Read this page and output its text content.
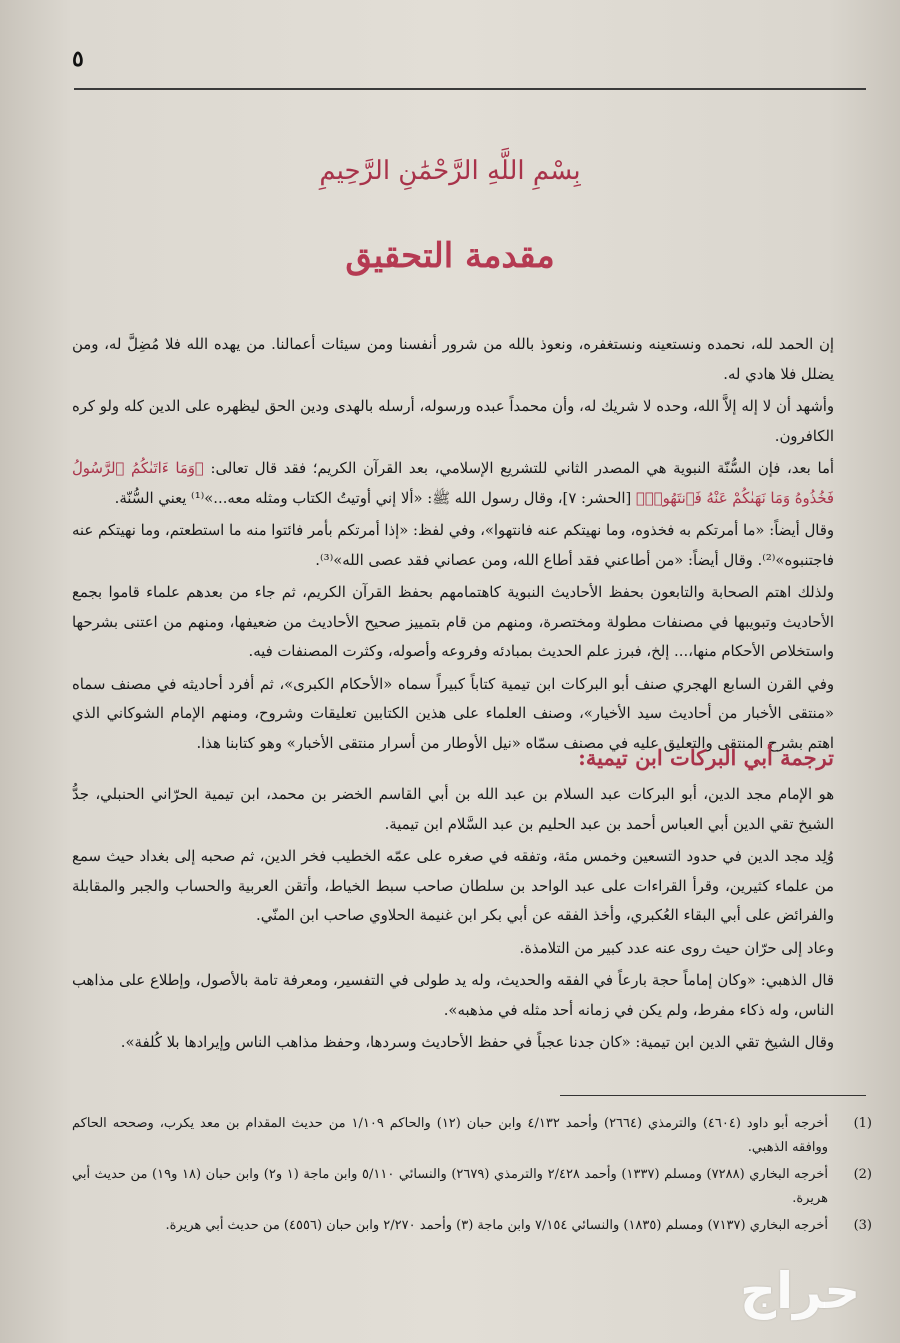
٥
بِسْمِ اللَّهِ الرَّحْمَٰنِ الرَّحِيمِ
مقدمة التحقيق

إن الحمد لله، نحمده ونستعينه ونستغفره، ونعوذ بالله من شرور أنفسنا ومن سيئات أعمالنا. من يهده الله فلا مُضِلَّ له، ومن يضلل فلا هادي له.

وأشهد أن لا إله إلاَّ الله، وحده لا شريك له، وأن محمداً عبده ورسوله، أرسله بالهدى ودين الحق ليظهره على الدين كله ولو كره الكافرون.

أما بعد، فإن السُّنّة النبوية هي المصدر الثاني للتشريع الإسلامي، بعد القرآن الكريم؛ فقد قال تعالى: ﴿وَمَا ءَاتَىٰكُمُ ٱلرَّسُولُ فَخُذُوهُ وَمَا نَهَىٰكُمْ عَنْهُ فَٱنتَهُوا۟﴾ [الحشر: ٧]، وقال رسول الله ﷺ: «ألا إني أوتيتُ الكتاب ومثله معه...»⁽¹⁾ يعني السُّنّة.

وقال أيضاً: «ما أمرتكم به فخذوه، وما نهيتكم عنه فانتهوا»، وفي لفظ: «إذا أمرتكم بأمر فائتوا منه ما استطعتم، وما نهيتكم عنه فاجتنبوه»⁽²⁾. وقال أيضاً: «من أطاعني فقد أطاع الله، ومن عصاني فقد عصى الله»⁽³⁾.

ولذلك اهتم الصحابة والتابعون بحفظ الأحاديث النبوية كاهتمامهم بحفظ القرآن الكريم، ثم جاء من بعدهم علماء قاموا بجمع الأحاديث وتبويبها في مصنفات مطولة ومختصرة، ومنهم من قام بتمييز صحيح الأحاديث من ضعيفها، ومنهم من اعتنى بشرحها واستخلاص الأحكام منها،... إلخ، فبرز علم الحديث بمبادئه وفروعه وأصوله، وكثرت المصنفات فيه.

وفي القرن السابع الهجري صنف أبو البركات ابن تيمية كتاباً كبيراً سماه «الأحكام الكبرى»، ثم أفرد أحاديثه في مصنف سماه «منتقى الأخبار من أحاديث سيد الأخيار»، وصنف العلماء على هذين الكتابين تعليقات وشروح، ومنهم الإمام الشوكاني الذي اهتم بشرح المنتقى والتعليق عليه في مصنف سمّاه «نيل الأوطار من أسرار منتقى الأخبار» وهو كتابنا هذا.

ترجمة أبي البركات ابن تيمية:

هو الإمام مجد الدين، أبو البركات عبد السلام بن عبد الله بن أبي القاسم الخضر بن محمد، ابن تيمية الحرّاني الحنبلي، جدُّ الشيخ تقي الدين أبي العباس أحمد بن عبد الحليم بن عبد السَّلام ابن تيمية.

وُلِد مجد الدين في حدود التسعين وخمس مئة، وتفقه في صغره على عمّه الخطيب فخر الدين، ثم صحبه إلى بغداد حيث سمع من علماء كثيرين، وقرأ القراءات على عبد الواحد بن سلطان صاحب سبط الخياط، وأتقن العربية والحساب والجبر والمقابلة والفرائض على أبي البقاء العُكبري، وأخذ الفقه عن أبي بكر ابن غنيمة الحلاوي صاحب ابن المنّي.

وعاد إلى حرّان حيث روى عنه عدد كبير من التلامذة.

قال الذهبي: «وكان إماماً حجة بارعاً في الفقه والحديث، وله يد طولى في التفسير، ومعرفة تامة بالأصول، وإطلاع على مذاهب الناس، وله ذكاء مفرط، ولم يكن في زمانه أحد مثله في مذهبه».

وقال الشيخ تقي الدين ابن تيمية: «كان جدنا عجباً في حفظ الأحاديث وسردها، وحفظ مذاهب الناس وإيرادها بلا كُلفة».

(1)
أخرجه أبو داود (٤٦٠٤) والترمذي (٢٦٦٤) وأحمد ٤/١٣٢ وابن حبان (١٢) والحاكم ١/١٠٩ من حديث المقدام بن معد يكرب، وصححه الحاكم ووافقه الذهبي.
(2)
أخرجه البخاري (٧٢٨٨) ومسلم (١٣٣٧) وأحمد ٢/٤٢٨ والترمذي (٢٦٧٩) والنسائي ٥/١١٠ وابن ماجة (١ و٢) وابن حبان (١٨ و١٩) من حديث أبي هريرة.
(3)
أخرجه البخاري (٧١٣٧) ومسلم (١٨٣٥) والنسائي ٧/١٥٤ وابن ماجة (٣) وأحمد ٢/٢٧٠ وابن حبان (٤٥٥٦) من حديث أبي هريرة.
حراج
